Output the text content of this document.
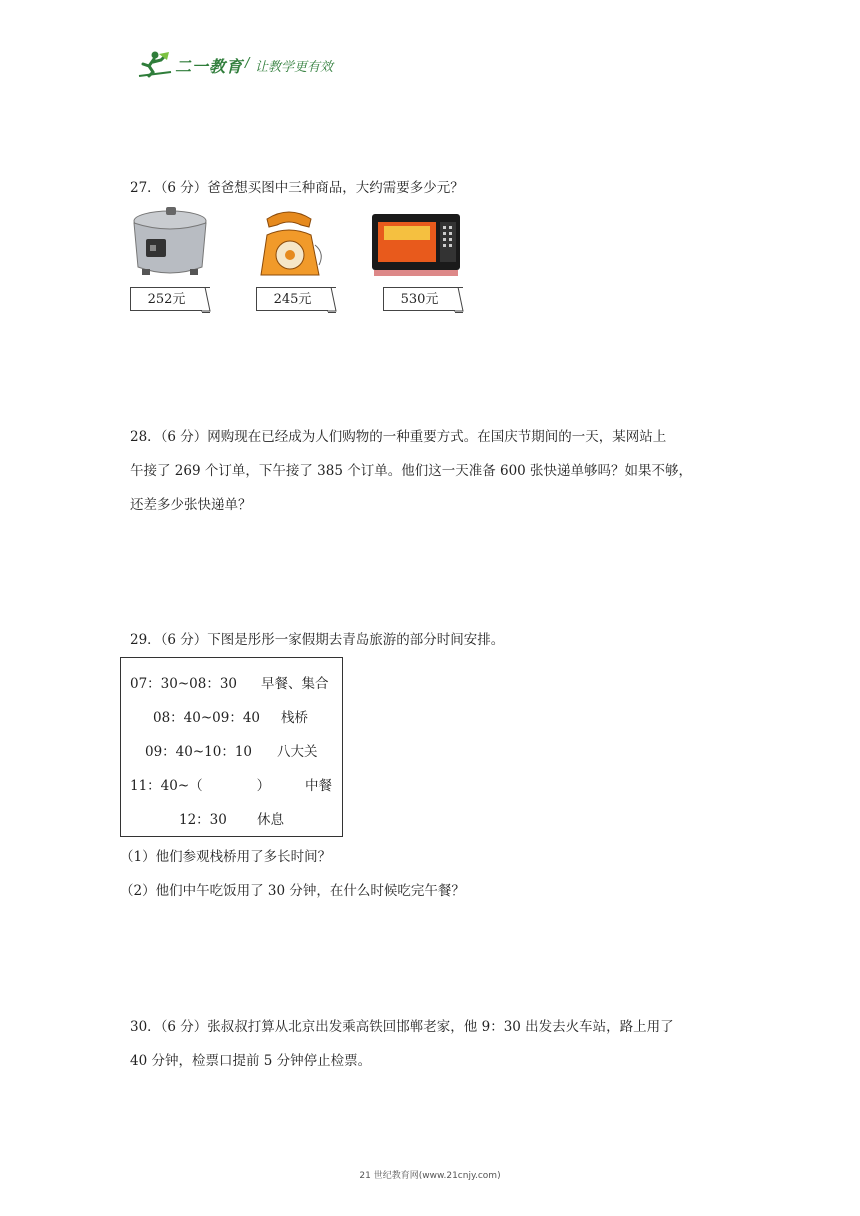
二一教育 / 让教学更有效
27．（6 分）爸爸想买图中三种商品，大约需要多少元？
252元	245元	530元
28．（6 分）网购现在已经成为人们购物的一种重要方式。在国庆节期间的一天，某网站上
午接了 269 个订单，下午接了 385 个订单。他们这一天准备 600 张快递单够吗？如果不够，
还差多少张快递单？
29．（6 分）下图是彤彤一家假期去青岛旅游的部分时间安排。
07：30~08：30 早餐、集合
08：40~09：40 栈桥
09：40~10：10 八大关
11：40~（　　　　）	中餐
12：30 休息
（1）他们参观栈桥用了多长时间？
（2）他们中午吃饭用了 30 分钟，在什么时候吃完午餐？
30．（6 分）张叔叔打算从北京出发乘高铁回邯郸老家，他 9：30 出发去火车站，路上用了
40 分钟，检票口提前 5 分钟停止检票。
21 世纪教育网(www.21cnjy.com)
